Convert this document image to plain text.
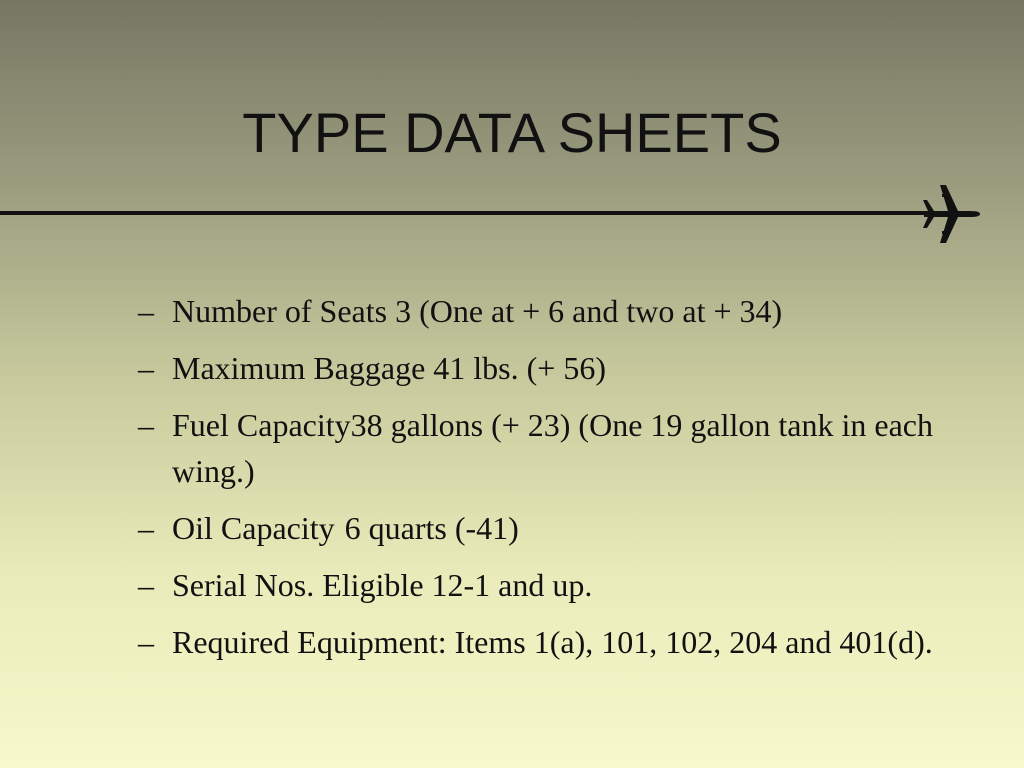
TYPE DATA SHEETS
– Number of Seats 3 (One at + 6 and two at + 34)
– Maximum Baggage 41 lbs. (+ 56)
– Fuel Capacity38 gallons (+ 23) (One 19 gallon tank in each wing.)
– Oil Capacity 6 quarts (-41)
– Serial Nos. Eligible 12-1 and up.
– Required Equipment: Items 1(a), 101, 102, 204 and 401(d).
